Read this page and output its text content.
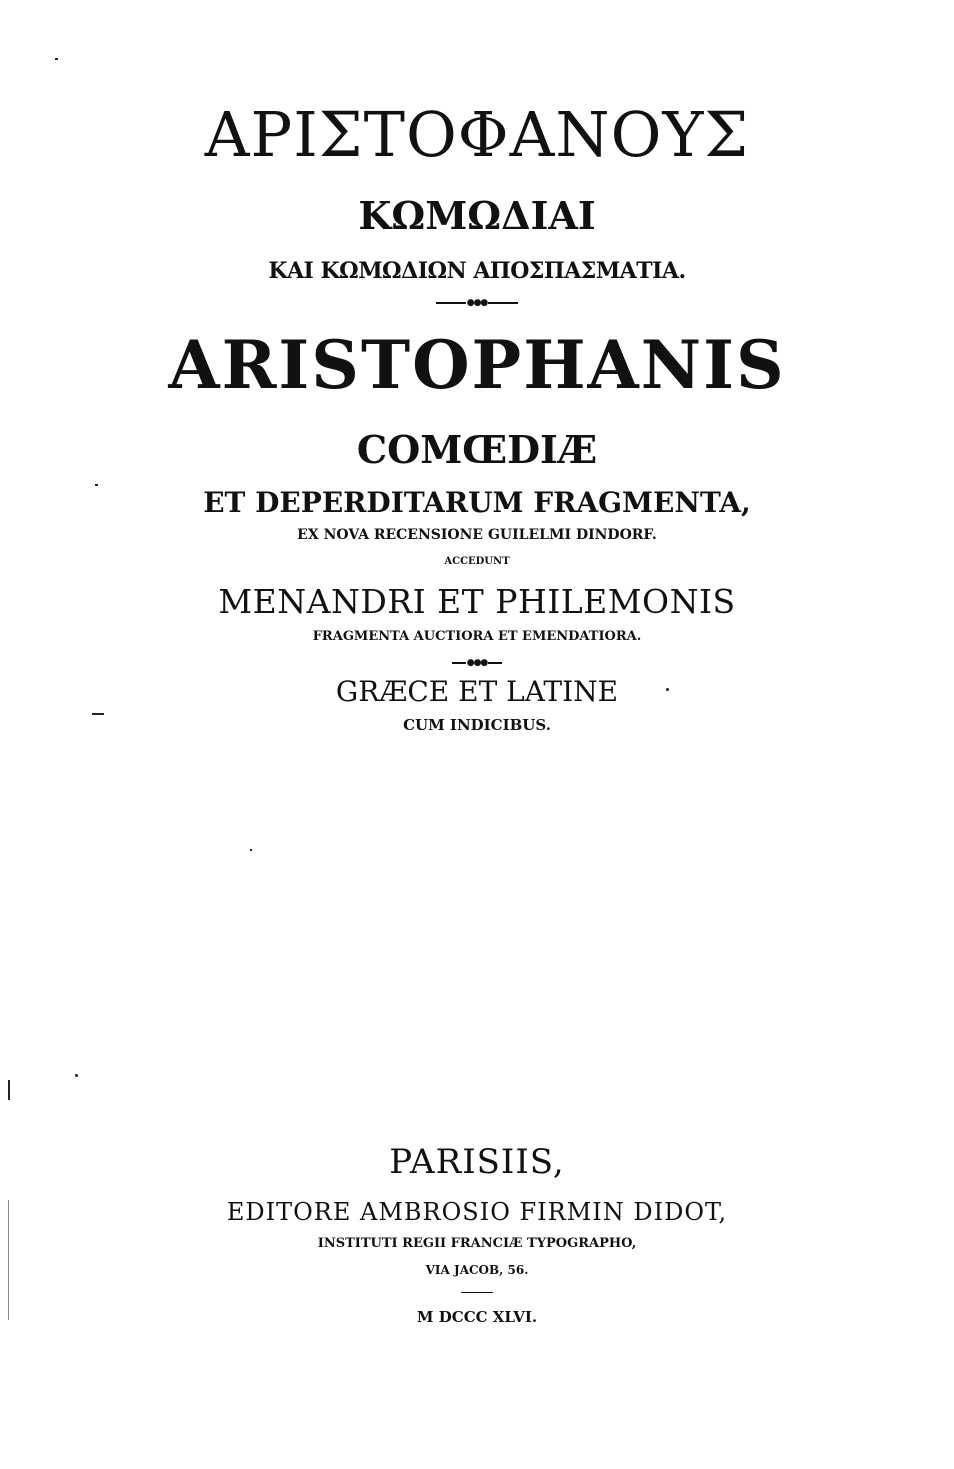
ΑΡΙΣΤΟΦΑΝΟΥΣ
ΚΩΜΩΔΙΑΙ
ΚΑΙ ΚΩΜΩΔΙΩΝ ΑΠΟΣΠΑΣΜΑΤΙΑ.
●●●
ARISTOPHANIS
COMŒDIÆ
ET DEPERDITARUM FRAGMENTA,
EX NOVA RECENSIONE GUILELMI DINDORF.
ACCEDUNT
MENANDRI ET PHILEMONIS
FRAGMENTA AUCTIORA ET EMENDATIORA.
●●●
GRÆCE ET LATINE
CUM INDICIBUS.
PARISIIS,
EDITORE AMBROSIO FIRMIN DIDOT,
INSTITUTI REGII FRANCIÆ TYPOGRAPHO,
VIA JACOB, 56.
M DCCC XLVI.
